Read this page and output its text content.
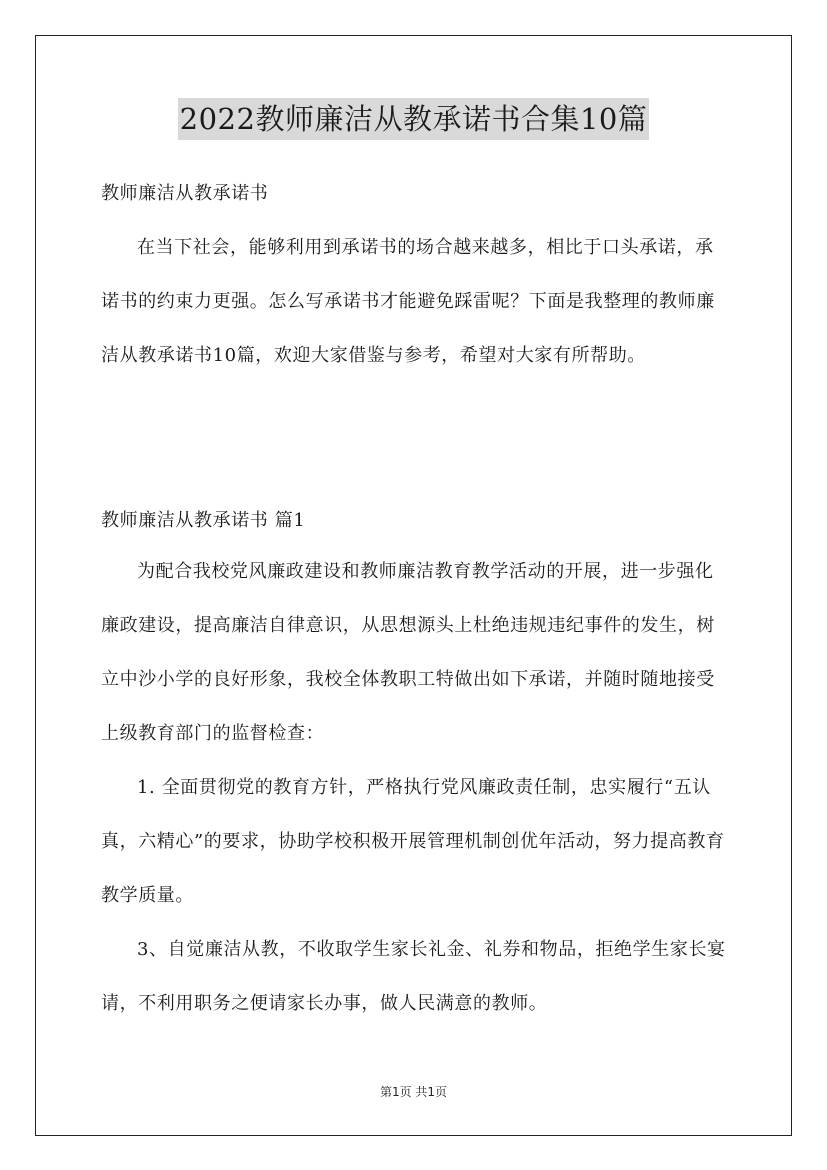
2022教师廉洁从教承诺书合集10篇
教师廉洁从教承诺书

在当下社会，能够利用到承诺书的场合越来越多，相比于口头承诺，承诺书的约束力更强。怎么写承诺书才能避免踩雷呢？下面是我整理的教师廉洁从教承诺书10篇，欢迎大家借鉴与参考，希望对大家有所帮助。

教师廉洁从教承诺书 篇1

为配合我校党风廉政建设和教师廉洁教育教学活动的开展，进一步强化廉政建设，提高廉洁自律意识，从思想源头上杜绝违规违纪事件的发生，树立中沙小学的良好形象，我校全体教职工特做出如下承诺，并随时随地接受上级教育部门的监督检查：

1. 全面贯彻党的教育方针，严格执行党风廉政责任制，忠实履行“五认真，六精心”的要求，协助学校积极开展管理机制创优年活动，努力提高教育教学质量。

3、自觉廉洁从教，不收取学生家长礼金、礼券和物品，拒绝学生家长宴请，不利用职务之便请家长办事，做人民满意的教师。

第1页 共1页
